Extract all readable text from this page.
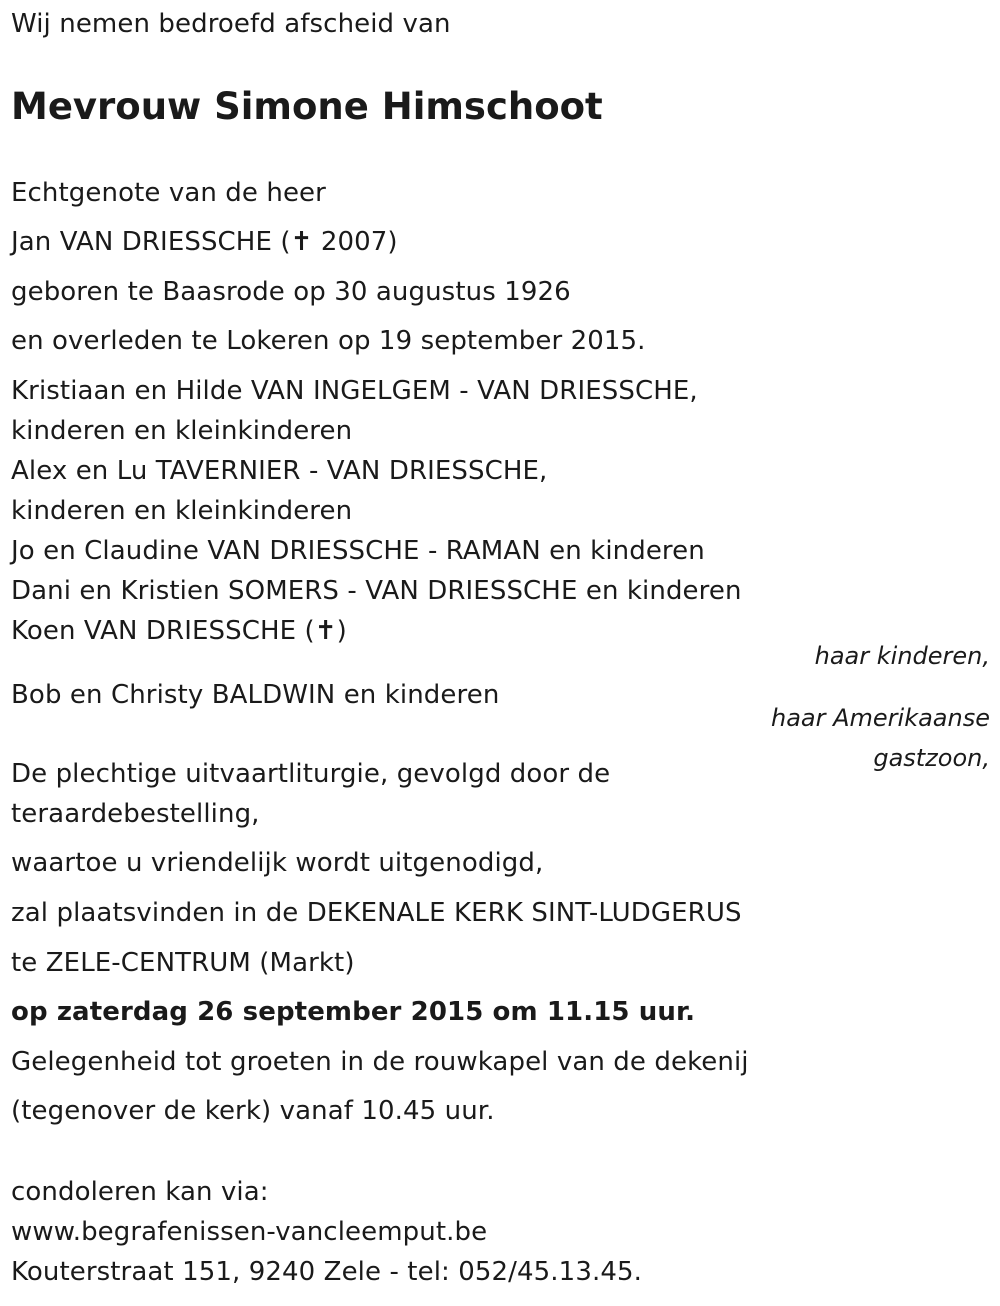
Wij nemen bedroefd afscheid van
Mevrouw Simone Himschoot
Echtgenote van de heer
Jan VAN DRIESSCHE (✝ 2007)
geboren te Baasrode op 30 augustus 1926
en overleden te Lokeren op 19 september 2015.
Kristiaan en Hilde VAN INGELGEM - VAN DRIESSCHE,
kinderen en kleinkinderen
Alex en Lu TAVERNIER - VAN DRIESSCHE,
kinderen en kleinkinderen
Jo en Claudine VAN DRIESSCHE - RAMAN en kinderen
Dani en Kristien SOMERS - VAN DRIESSCHE en kinderen
Koen VAN DRIESSCHE (✝)
haar kinderen,
Bob en Christy BALDWIN en kinderen
haar Amerikaanse
gastzoon,
De plechtige uitvaartliturgie, gevolgd door de
teraardebestelling,
waartoe u vriendelijk wordt uitgenodigd,
zal plaatsvinden in de DEKENALE KERK SINT-LUDGERUS
te ZELE-CENTRUM (Markt)
op zaterdag 26 september 2015 om 11.15 uur.
Gelegenheid tot groeten in de rouwkapel van de dekenij
(tegenover de kerk) vanaf 10.45 uur.
condoleren kan via:
www.begrafenissen-vancleemput.be
Kouterstraat 151, 9240 Zele - tel: 052/45.13.45.
